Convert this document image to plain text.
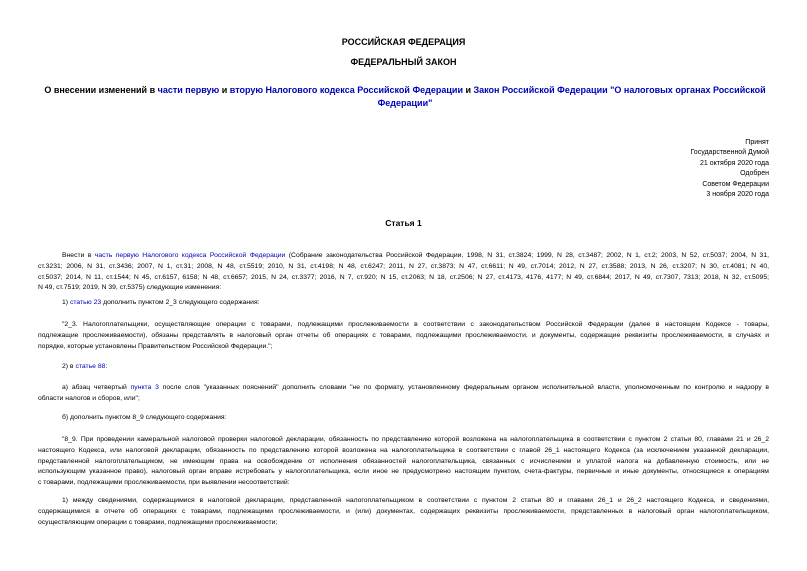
РОССИЙСКАЯ ФЕДЕРАЦИЯ
ФЕДЕРАЛЬНЫЙ ЗАКОН
О внесении изменений в части первую и вторую Налогового кодекса Российской Федерации и Закон Российской Федерации "О налоговых органах Российской Федерации"
Принят
Государственной Думой
21 октября 2020 года
Одобрен
Советом Федерации
3 ноября 2020 года
Статья 1
Внести в часть первую Налогового кодекса Российской Федерации (Собрание законодательства Российской Федерации, 1998, N 31, ст.3824; 1999, N 28, ст.3487; 2002, N 1, ст.2; 2003, N 52, ст.5037; 2004, N 31,
ст.3231; 2006, N 31, ст.3436; 2007, N 1, ст.31; 2008, N 48, ст.5519; 2010, N 31, ст.4198; N 48, ст.6247; 2011, N 27, ст.3873; N 47, ст.6611; N 49, ст.7014; 2012, N 27, ст.3588; 2013, N 26, ст.3207; N 30, ст.4081; N 40,
ст.5037; 2014, N 11, ст.1544; N 45, ст.6157, 6158; N 48, ст.6657; 2015, N 24, ст.3377; 2016, N 7, ст.920; N 15, ст.2063; N 18, ст.2506; N 27, ст.4173, 4176, 4177; N 49, ст.6844; 2017, N 49, ст.7307, 7313; 2018, N 32, ст.5095;
N 49, ст.7519; 2019, N 39, ст.5375) следующие изменения:
1) статью 23 дополнить пунктом 2_3 следующего содержания:
"2_3. Налогоплательщики, осуществляющие операции с товарами, подлежащими прослеживаемости в соответствии с законодательством Российской Федерации (далее в настоящем Кодексе - товары,
подлежащие прослеживаемости), обязаны представлять в налоговый орган отчеты об операциях с товарами, подлежащими прослеживаемости, и документы, содержащие реквизиты прослеживаемости, в случаях и
порядке, которые установлены Правительством Российской Федерации.";
2) в статье 88:
а) абзац четвертый пункта 3 после слов "указанных пояснений" дополнить словами "не по формату, установленному федеральным органом исполнительной власти, уполномоченным по контролю и надзору в
области налогов и сборов, или";
б) дополнить пунктом 8_9 следующего содержания:
"8_9. При проведении камеральной налоговой проверки налоговой декларации, обязанность по представлению которой возложена на налогоплательщика в соответствии с пунктом 2 статьи 80, главами 21 и 26_2
настоящего Кодекса, или налоговой декларации, обязанность по представлению которой возложена на налогоплательщика в соответствии с главой 26_1 настоящего Кодекса (за исключением указанной декларации,
представленной налогоплательщиком, не имеющим права на освобождение от исполнения обязанностей налогоплательщика, связанных с исчислением и уплатой налога на добавленную стоимость, или не
использующим указанное право), налоговый орган вправе истребовать у налогоплательщика, если иное не предусмотрено настоящим пунктом, счета-фактуры, первичные и иные документы, относящиеся к операциям
с товарами, подлежащими прослеживаемости, при выявлении несоответствий:
1) между сведениями, содержащимися в налоговой декларации, представленной налогоплательщиком в соответствии с пунктом 2 статьи 80 и главами 26_1 и 26_2 настоящего Кодекса, и сведениями,
содержащимися в отчете об операциях с товарами, подлежащими прослеживаемости, и (или) документах, содержащих реквизиты прослеживаемости, представленных в налоговый орган налогоплательщиком,
осуществляющим операции с товарами, подлежащими прослеживаемости;
